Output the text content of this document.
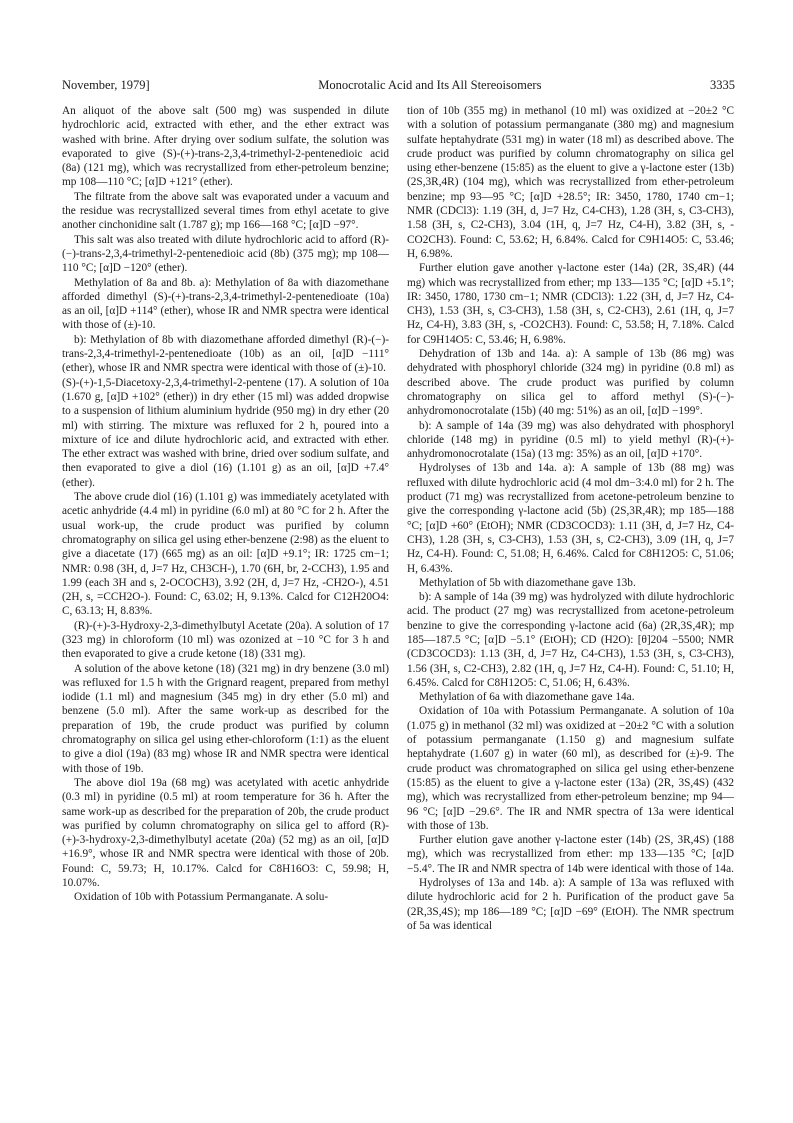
November, 1979]	Monocrotalic Acid and Its All Stereoisomers	3335

An aliquot of the above salt (500 mg) was suspended in dilute hydrochloric acid, extracted with ether, and the ether extract was washed with brine. After drying over sodium sulfate, the solution was evaporated to give (S)-(+)-trans-2,3,4-trimethyl-2-pentenedioic acid (8a) (121 mg), which was recrystallized from ether-petroleum benzine; mp 108—110 °C; [α]D +121° (ether).

The filtrate from the above salt was evaporated under a vacuum and the residue was recrystallized several times from ethyl acetate to give another cinchonidine salt (1.787 g); mp 166—168 °C; [α]D −97°.

This salt was also treated with dilute hydrochloric acid to afford (R)-(−)-trans-2,3,4-trimethyl-2-pentenedioic acid (8b) (375 mg); mp 108—110 °C; [α]D −120° (ether).

Methylation of 8a and 8b. a): Methylation of 8a with diazomethane afforded dimethyl (S)-(+)-trans-2,3,4-trimethyl-2-pentenedioate (10a) as an oil, [α]D +114° (ether), whose IR and NMR spectra were identical with those of (±)-10.

b): Methylation of 8b with diazomethane afforded dimethyl (R)-(−)-trans-2,3,4-trimethyl-2-pentenedioate (10b) as an oil, [α]D −111° (ether), whose IR and NMR spectra were identical with those of (±)-10.

(S)-(+)-1,5-Diacetoxy-2,3,4-trimethyl-2-pentene (17). A solution of 10a (1.670 g, [α]D +102° (ether)) in dry ether (15 ml) was added dropwise to a suspension of lithium aluminium hydride (950 mg) in dry ether (20 ml) with stirring. The mixture was refluxed for 2 h, poured into a mixture of ice and dilute hydrochloric acid, and extracted with ether. The ether extract was washed with brine, dried over sodium sulfate, and then evaporated to give a diol (16) (1.101 g) as an oil, [α]D +7.4° (ether).

The above crude diol (16) (1.101 g) was immediately acetylated with acetic anhydride (4.4 ml) in pyridine (6.0 ml) at 80 °C for 2 h. After the usual work-up, the crude product was purified by column chromatography on silica gel using ether-benzene (2:98) as the eluent to give a diacetate (17) (665 mg) as an oil: [α]D +9.1°; IR: 1725 cm−1; NMR: 0.98 (3H, d, J=7 Hz, CH3CH-), 1.70 (6H, br, 2-CCH3), 1.95 and 1.99 (each 3H and s, 2-OCOCH3), 3.92 (2H, d, J=7 Hz, -CH2O-), 4.51 (2H, s, =CCH2O-). Found: C, 63.02; H, 9.13%. Calcd for C12H20O4: C, 63.13; H, 8.83%.

(R)-(+)-3-Hydroxy-2,3-dimethylbutyl Acetate (20a). A solution of 17 (323 mg) in chloroform (10 ml) was ozonized at −10 °C for 3 h and then evaporated to give a crude ketone (18) (331 mg).

A solution of the above ketone (18) (321 mg) in dry benzene (3.0 ml) was refluxed for 1.5 h with the Grignard reagent, prepared from methyl iodide (1.1 ml) and magnesium (345 mg) in dry ether (5.0 ml) and benzene (5.0 ml). After the same work-up as described for the preparation of 19b, the crude product was purified by column chromatography on silica gel using ether-chloroform (1:1) as the eluent to give a diol (19a) (83 mg) whose IR and NMR spectra were identical with those of 19b.

The above diol 19a (68 mg) was acetylated with acetic anhydride (0.3 ml) in pyridine (0.5 ml) at room temperature for 36 h. After the same work-up as described for the preparation of 20b, the crude product was purified by column chromatography on silica gel to afford (R)-(+)-3-hydroxy-2,3-dimethylbutyl acetate (20a) (52 mg) as an oil, [α]D +16.9°, whose IR and NMR spectra were identical with those of 20b. Found: C, 59.73; H, 10.17%. Calcd for C8H16O3: C, 59.98; H, 10.07%.

Oxidation of 10b with Potassium Permanganate. A solu-

tion of 10b (355 mg) in methanol (10 ml) was oxidized at −20±2 °C with a solution of potassium permanganate (380 mg) and magnesium sulfate heptahydrate (531 mg) in water (18 ml) as described above. The crude product was purified by column chromatography on silica gel using ether-benzene (15:85) as the eluent to give a γ-lactone ester (13b) (2S,3R,4R) (104 mg), which was recrystallized from ether-petroleum benzine; mp 93—95 °C; [α]D +28.5°; IR: 3450, 1780, 1740 cm−1; NMR (CDCl3): 1.19 (3H, d, J=7 Hz, C4-CH3), 1.28 (3H, s, C3-CH3), 1.58 (3H, s, C2-CH3), 3.04 (1H, q, J=7 Hz, C4-H), 3.82 (3H, s, -CO2CH3). Found: C, 53.62; H, 6.84%. Calcd for C9H14O5: C, 53.46; H, 6.98%.

Further elution gave another γ-lactone ester (14a) (2R, 3S,4R) (44 mg) which was recrystallized from ether; mp 133—135 °C; [α]D +5.1°; IR: 3450, 1780, 1730 cm−1; NMR (CDCl3): 1.22 (3H, d, J=7 Hz, C4-CH3), 1.53 (3H, s, C3-CH3), 1.58 (3H, s, C2-CH3), 2.61 (1H, q, J=7 Hz, C4-H), 3.83 (3H, s, -CO2CH3). Found: C, 53.58; H, 7.18%. Calcd for C9H14O5: C, 53.46; H, 6.98%.

Dehydration of 13b and 14a. a): A sample of 13b (86 mg) was dehydrated with phosphoryl chloride (324 mg) in pyridine (0.8 ml) as described above. The crude product was purified by column chromatography on silica gel to afford methyl (S)-(−)-anhydromonocrotalate (15b) (40 mg: 51%) as an oil, [α]D −199°.

b): A sample of 14a (39 mg) was also dehydrated with phosphoryl chloride (148 mg) in pyridine (0.5 ml) to yield methyl (R)-(+)-anhydromonocrotalate (15a) (13 mg: 35%) as an oil, [α]D +170°.

Hydrolyses of 13b and 14a. a): A sample of 13b (88 mg) was refluxed with dilute hydrochloric acid (4 mol dm−3:4.0 ml) for 2 h. The product (71 mg) was recrystallized from acetone-petroleum benzine to give the corresponding γ-lactone acid (5b) (2S,3R,4R); mp 185—188 °C; [α]D +60° (EtOH); NMR (CD3COCD3): 1.11 (3H, d, J=7 Hz, C4-CH3), 1.28 (3H, s, C3-CH3), 1.53 (3H, s, C2-CH3), 3.09 (1H, q, J=7 Hz, C4-H). Found: C, 51.08; H, 6.46%. Calcd for C8H12O5: C, 51.06; H, 6.43%.

Methylation of 5b with diazomethane gave 13b.

b): A sample of 14a (39 mg) was hydrolyzed with dilute hydrochloric acid. The product (27 mg) was recrystallized from acetone-petroleum benzine to give the corresponding γ-lactone acid (6a) (2R,3S,4R); mp 185—187.5 °C; [α]D −5.1° (EtOH); CD (H2O): [θ]204 −5500; NMR (CD3COCD3): 1.13 (3H, d, J=7 Hz, C4-CH3), 1.53 (3H, s, C3-CH3), 1.56 (3H, s, C2-CH3), 2.82 (1H, q, J=7 Hz, C4-H). Found: C, 51.10; H, 6.45%. Calcd for C8H12O5: C, 51.06; H, 6.43%.

Methylation of 6a with diazomethane gave 14a.

Oxidation of 10a with Potassium Permanganate. A solution of 10a (1.075 g) in methanol (32 ml) was oxidized at −20±2 °C with a solution of potassium permanganate (1.150 g) and magnesium sulfate heptahydrate (1.607 g) in water (60 ml), as described for (±)-9. The crude product was chromatographed on silica gel using ether-benzene (15:85) as the eluent to give a γ-lactone ester (13a) (2R, 3S,4S) (432 mg), which was recrystallized from ether-petroleum benzine; mp 94—96 °C; [α]D −29.6°. The IR and NMR spectra of 13a were identical with those of 13b.

Further elution gave another γ-lactone ester (14b) (2S, 3R,4S) (188 mg), which was recrystallized from ether: mp 133—135 °C; [α]D −5.4°. The IR and NMR spectra of 14b were identical with those of 14a.

Hydrolyses of 13a and 14b. a): A sample of 13a was refluxed with dilute hydrochloric acid for 2 h. Purification of the product gave 5a (2R,3S,4S); mp 186—189 °C; [α]D −69° (EtOH). The NMR spectrum of 5a was identical
